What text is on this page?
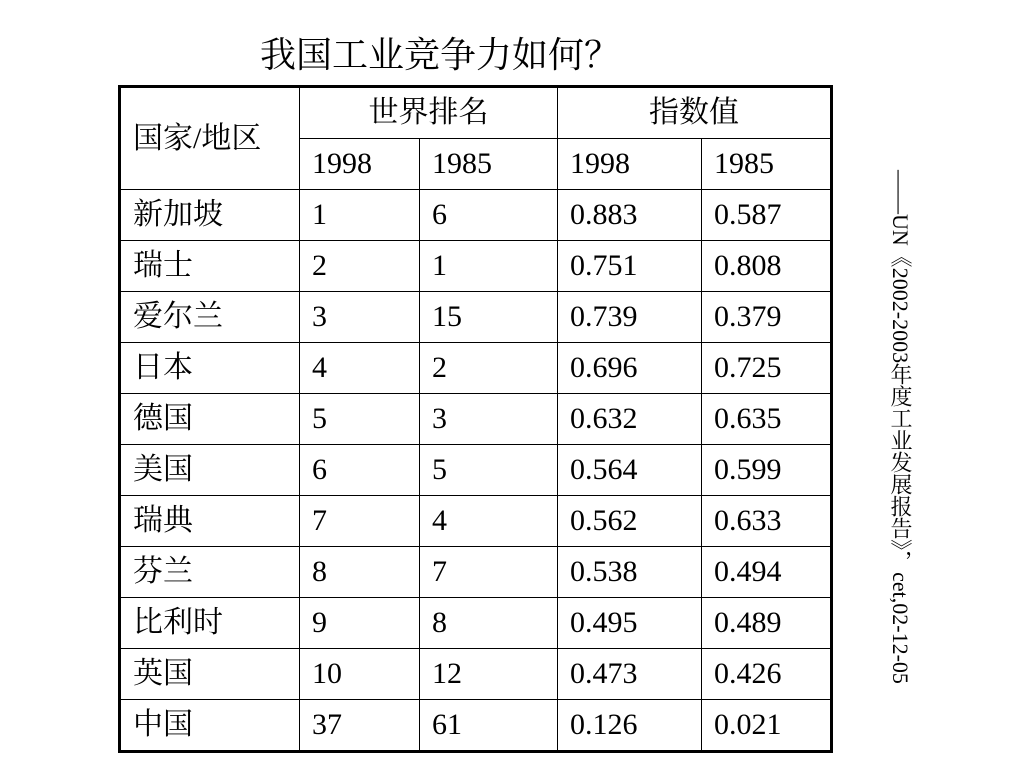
我国工业竞争力如何？
国家/地区	世界排名		指数值	
	1998	1985	1998	1985
新加坡	1	6	0.883	0.587
瑞士	2	1	0.751	0.808
爱尔兰	3	15	0.739	0.379
日本	4	2	0.696	0.725
德国	5	3	0.632	0.635
美国	6	5	0.564	0.599
瑞典	7	4	0.562	0.633
芬兰	8	7	0.538	0.494
比利时	9	8	0.495	0.489
英国	10	12	0.473	0.426
中国	37	61	0.126	0.021
——UN《2002-2003年度工业发展报告》，cet,02-12-05
